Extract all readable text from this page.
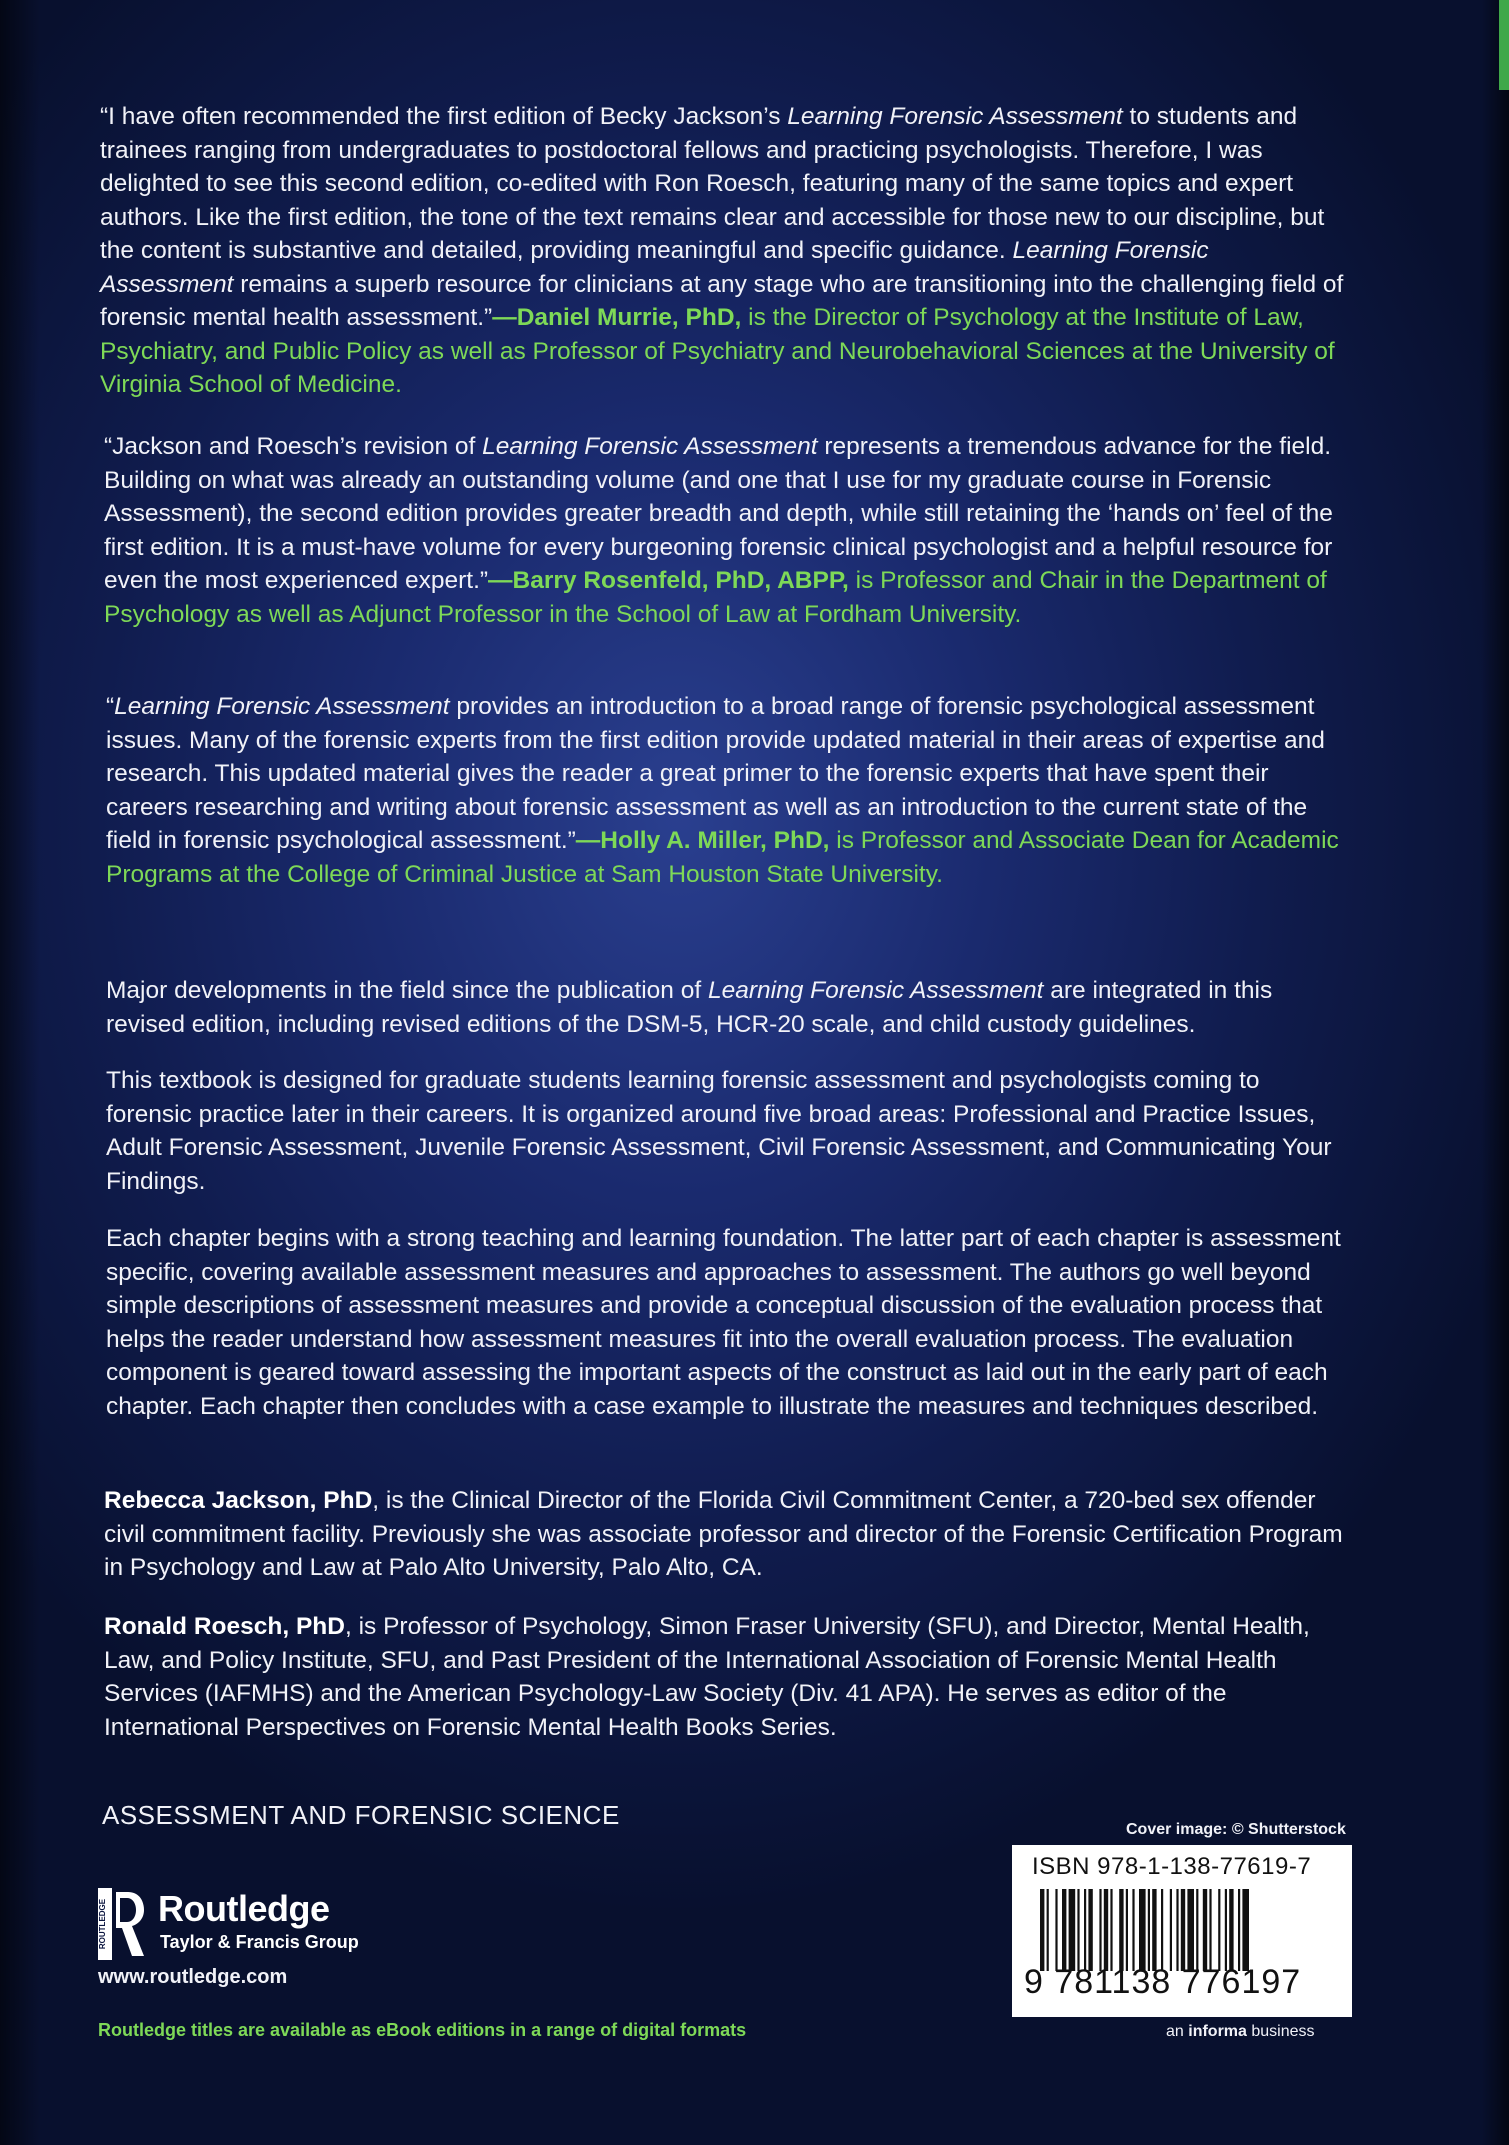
“I have often recommended the first edition of Becky Jackson’s Learning Forensic Assessment to students and trainees ranging from undergraduates to postdoctoral fellows and practicing psychologists. Therefore, I was delighted to see this second edition, co-edited with Ron Roesch, featuring many of the same topics and expert authors. Like the first edition, the tone of the text remains clear and accessible for those new to our discipline, but the content is substantive and detailed, providing meaningful and specific guidance. Learning Forensic Assessment remains a superb resource for clinicians at any stage who are transitioning into the challenging field of forensic mental health assessment.”—Daniel Murrie, PhD, is the Director of Psychology at the Institute of Law, Psychiatry, and Public Policy as well as Professor of Psychiatry and Neurobehavioral Sciences at the University of Virginia School of Medicine.

“Jackson and Roesch’s revision of Learning Forensic Assessment represents a tremendous advance for the field. Building on what was already an outstanding volume (and one that I use for my graduate course in Forensic Assessment), the second edition provides greater breadth and depth, while still retaining the ‘hands on’ feel of the first edition. It is a must-have volume for every burgeoning forensic clinical psychologist and a helpful resource for even the most experienced expert.”—Barry Rosenfeld, PhD, ABPP, is Professor and Chair in the Department of Psychology as well as Adjunct Professor in the School of Law at Fordham University.

“Learning Forensic Assessment provides an introduction to a broad range of forensic psychological assessment issues. Many of the forensic experts from the first edition provide updated material in their areas of expertise and research. This updated material gives the reader a great primer to the forensic experts that have spent their careers researching and writing about forensic assessment as well as an introduction to the current state of the field in forensic psychological assessment.”—Holly A. Miller, PhD, is Professor and Associate Dean for Academic Programs at the College of Criminal Justice at Sam Houston State University.

Major developments in the field since the publication of Learning Forensic Assessment are integrated in this revised edition, including revised editions of the DSM-5, HCR-20 scale, and child custody guidelines.

This textbook is designed for graduate students learning forensic assessment and psychologists coming to forensic practice later in their careers. It is organized around five broad areas: Professional and Practice Issues, Adult Forensic Assessment, Juvenile Forensic Assessment, Civil Forensic Assessment, and Communicating Your Findings.

Each chapter begins with a strong teaching and learning foundation. The latter part of each chapter is assessment specific, covering available assessment measures and approaches to assessment. The authors go well beyond simple descriptions of assessment measures and provide a conceptual discussion of the evaluation process that helps the reader understand how assessment measures fit into the overall evaluation process. The evaluation component is geared toward assessing the important aspects of the construct as laid out in the early part of each chapter. Each chapter then concludes with a case example to illustrate the measures and techniques described.

Rebecca Jackson, PhD, is the Clinical Director of the Florida Civil Commitment Center, a 720-bed sex offender civil commitment facility. Previously she was associate professor and director of the Forensic Certification Program in Psychology and Law at Palo Alto University, Palo Alto, CA.

Ronald Roesch, PhD, is Professor of Psychology, Simon Fraser University (SFU), and Director, Mental Health, Law, and Policy Institute, SFU, and Past President of the International Association of Forensic Mental Health Services (IAFMHS) and the American Psychology-Law Society (Div. 41 APA). He serves as editor of the International Perspectives on Forensic Mental Health Books Series.

ASSESSMENT AND FORENSIC SCIENCE
ROUTLEDGE Routledge
Taylor & Francis Group
www.routledge.com
Routledge titles are available as eBook editions in a range of digital formats
Cover image: © Shutterstock
ISBN 978-1-138-77619-7
9 781138 776197
an informa business
